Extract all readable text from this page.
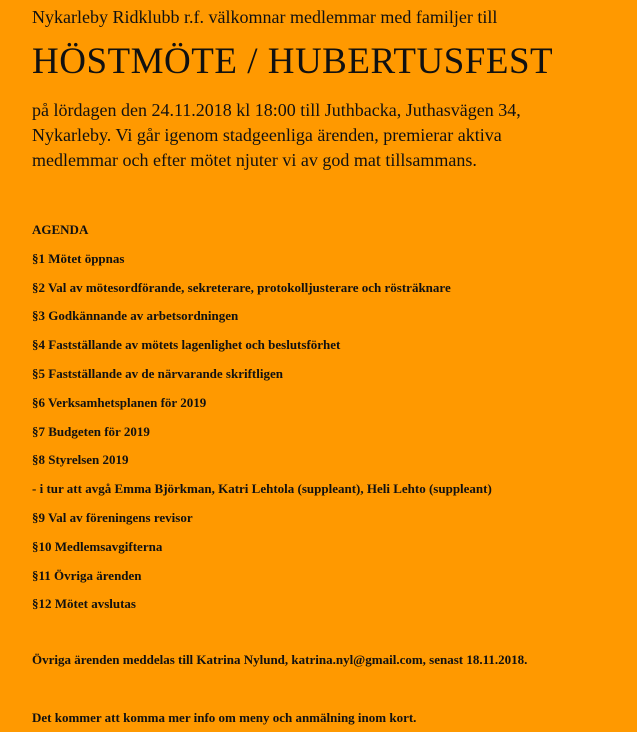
Nykarleby Ridklubb r.f. välkomnar medlemmar med familjer till
HÖSTMÖTE / HUBERTUSFEST
på lördagen den 24.11.2018 kl 18:00 till Juthbacka, Juthasvägen 34,
Nykarleby. Vi går igenom stadgeenliga ärenden, premierar aktiva
medlemmar och efter mötet njuter vi av god mat tillsammans.
AGENDA
§1 Mötet öppnas
§2 Val av mötesordförande, sekreterare, protokolljusterare och rösträknare
§3 Godkännande av arbetsordningen
§4 Fastställande av mötets lagenlighet och beslutsförhet
§5 Fastställande av de närvarande skriftligen
§6 Verksamhetsplanen för 2019
§7 Budgeten för 2019
§8 Styrelsen 2019
- i tur att avgå Emma Björkman, Katri Lehtola (suppleant), Heli Lehto (suppleant)
§9 Val av föreningens revisor
§10 Medlemsavgifterna
§11 Övriga ärenden
§12 Mötet avslutas
Övriga ärenden meddelas till Katrina Nylund, katrina.nyl@gmail.com, senast 18.11.2018.
Det kommer att komma mer info om meny och anmälning inom kort.
